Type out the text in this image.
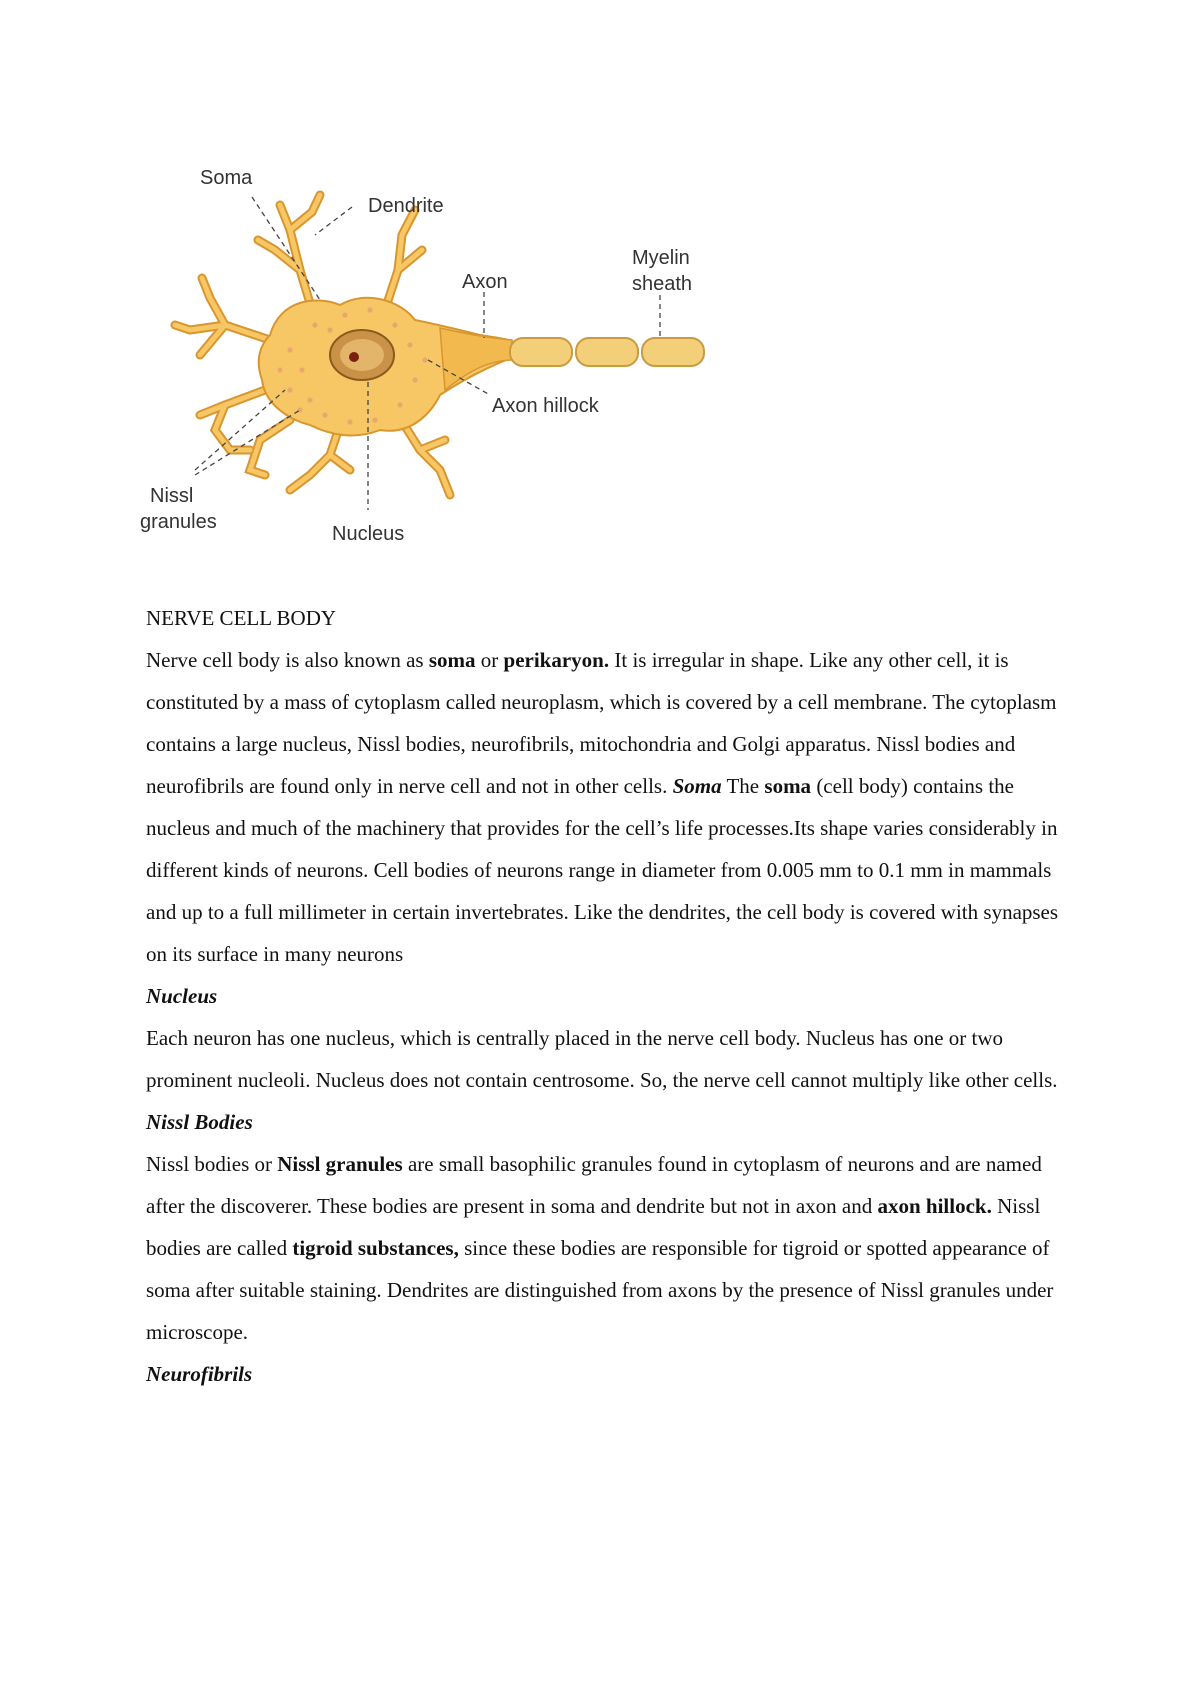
Soma
Dendrite
Axon
Myelin
sheath
Axon hillock
Nissl
granules
Nucleus

NERVE CELL BODY

Nerve cell body is also known as soma or perikaryon. It is irregular in shape. Like any other cell, it is constituted by a mass of cytoplasm called neuroplasm, which is covered by a cell membrane. The cytoplasm contains a large nucleus, Nissl bodies, neurofibrils, mitochondria and Golgi apparatus. Nissl bodies and neurofibrils are found only in nerve cell and not in other cells. Soma The soma (cell body) contains the nucleus and much of the machinery that provides for the cell’s life processes.Its shape varies considerably in different kinds of neurons. Cell bodies of neurons range in diameter from 0.005 mm to 0.1 mm in mammals and up to a full millimeter in certain invertebrates. Like the dendrites, the cell body is covered with synapses on its surface in many neurons

Nucleus

Each neuron has one nucleus, which is centrally placed in the nerve cell body. Nucleus has one or two prominent nucleoli. Nucleus does not contain centrosome. So, the nerve cell cannot multiply like other cells.

Nissl Bodies

Nissl bodies or Nissl granules are small basophilic granules found in cytoplasm of neurons and are named after the discoverer. These bodies are present in soma and dendrite but not in axon and axon hillock. Nissl bodies are called tigroid substances, since these bodies are responsible for tigroid or spotted appearance of soma after suitable staining. Dendrites are distinguished from axons by the presence of Nissl granules under microscope.

Neurofibrils
